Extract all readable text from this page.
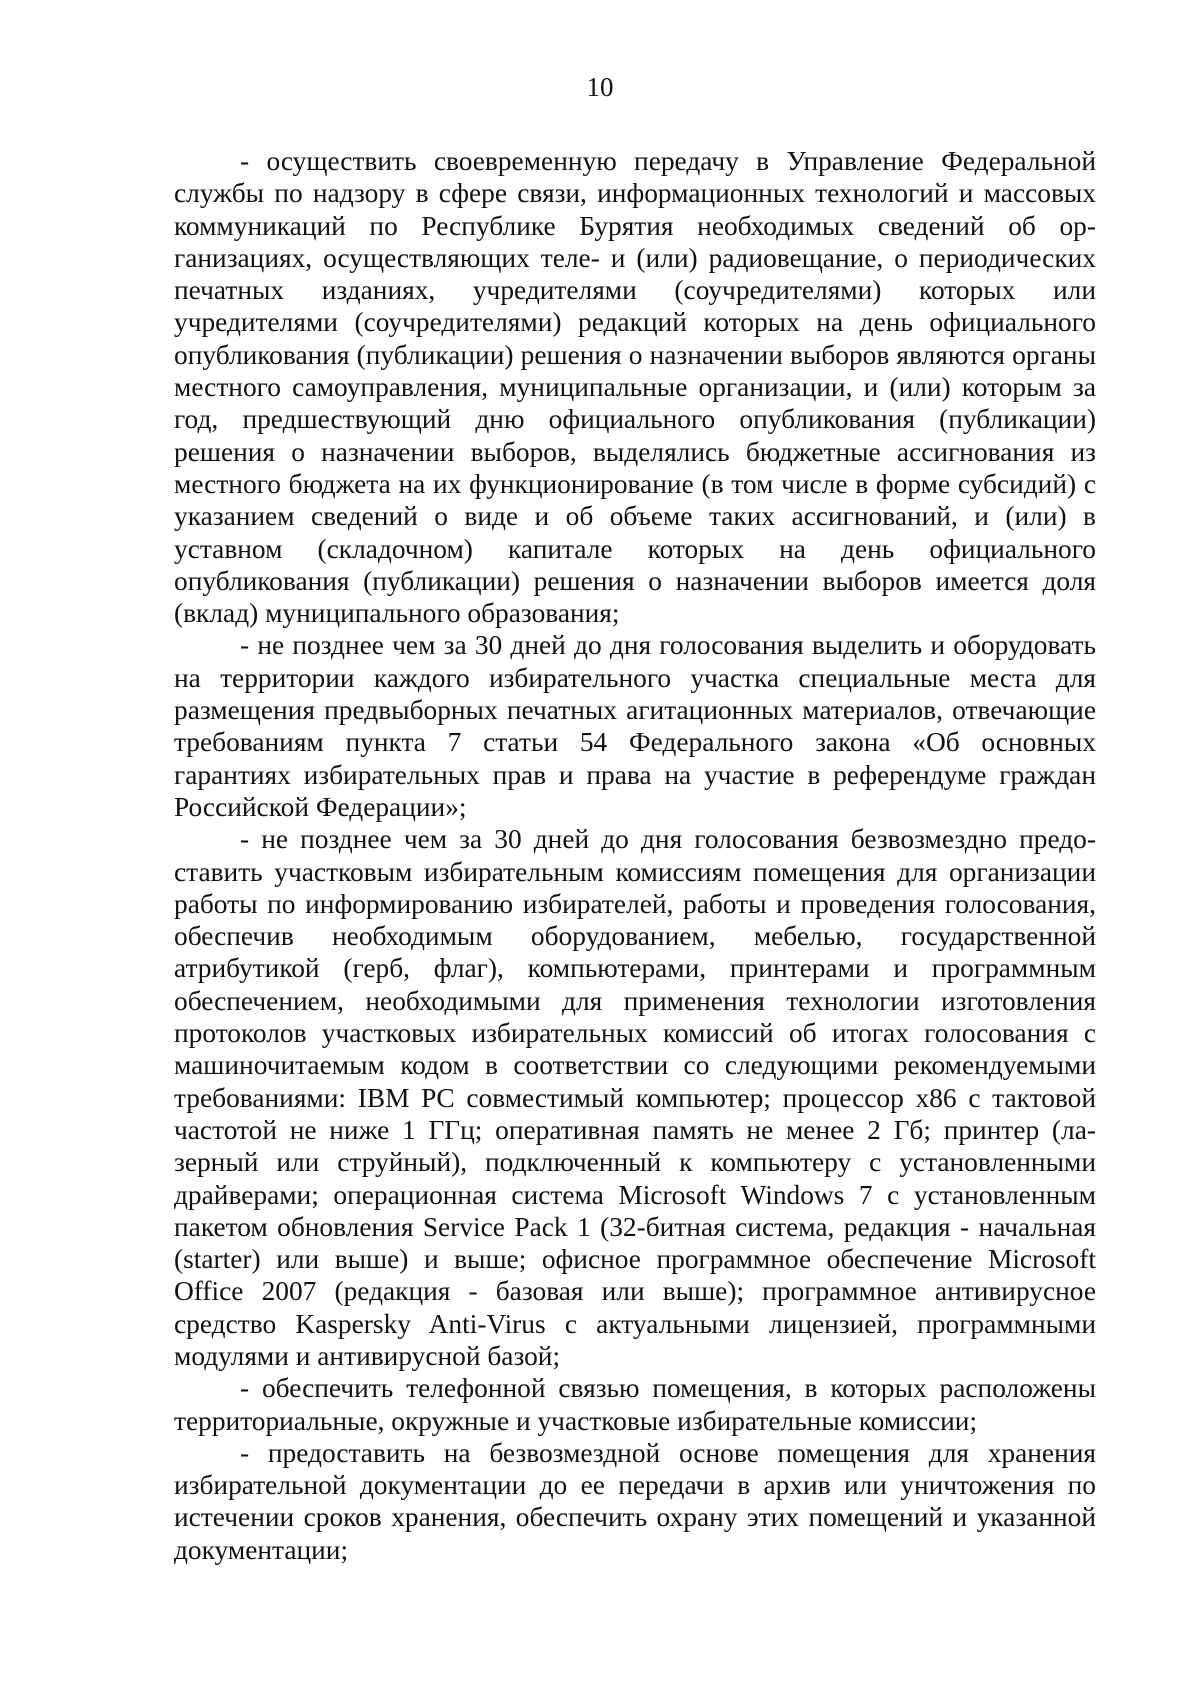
10

- осуществить своевременную передачу в Управление Федеральной службы по надзору в сфере связи, информационных технологий и массовых коммуникаций по Республике Бурятия необходимых сведений об организациях, осуществляющих теле- и (или) радиовещание, о периодических печатных изданиях, учредителями (соучредителями) которых или учредителями (соучредителями) редакций которых на день официального опубликования (публикации) решения о назначении выборов являются органы местного самоуправления, муниципальные организации, и (или) которым за год, предшествующий дню официального опубликования (публикации) решения о назначении выборов, выделялись бюджетные ассигнования из местного бюджета на их функционирование (в том числе в форме субсидий) с указанием сведений о виде и об объеме таких ассигнований, и (или) в уставном (складочном) капитале которых на день официального опубликования (публикации) решения о назначении выборов имеется доля (вклад) муниципального образования;

- не позднее чем за 30 дней до дня голосования выделить и оборудовать на территории каждого избирательного участка специальные места для размещения предвыборных печатных агитационных материалов, отвечающие требованиям пункта 7 статьи 54 Федерального закона «Об основных гарантиях избирательных прав и права на участие в референдуме граждан Российской Федерации»;

- не позднее чем за 30 дней до дня голосования безвозмездно предоставить участковым избирательным комиссиям помещения для организации работы по информированию избирателей, работы и проведения голосования, обеспечив необходимым оборудованием, мебелью, государственной атрибутикой (герб, флаг), компьютерами, принтерами и программным обеспечением, необходимыми для применения технологии изготовления протоколов участковых избирательных комиссий об итогах голосования с машиночитаемым кодом в соответствии со следующими рекомендуемыми требованиями: IBM PC совместимый компьютер; процессор x86 с тактовой частотой не ниже 1 ГГц; оперативная память не менее 2 Гб; принтер (лазерный или струйный), подключенный к компьютеру с установленными драйверами; операционная система Microsoft Windows 7 с установленным пакетом обновления Service Pack 1 (32-битная система, редакция - начальная (starter) или выше) и выше; офисное программное обеспечение Microsoft Office 2007 (редакция - базовая или выше); программное антивирусное средство Kaspersky Anti-Virus с актуальными лицензией, программными модулями и антивирусной базой;

- обеспечить телефонной связью помещения, в которых расположены территориальные, окружные и участковые избирательные комиссии;

- предоставить на безвозмездной основе помещения для хранения избирательной документации до ее передачи в архив или уничтожения по истечении сроков хранения, обеспечить охрану этих помещений и указанной документации;
